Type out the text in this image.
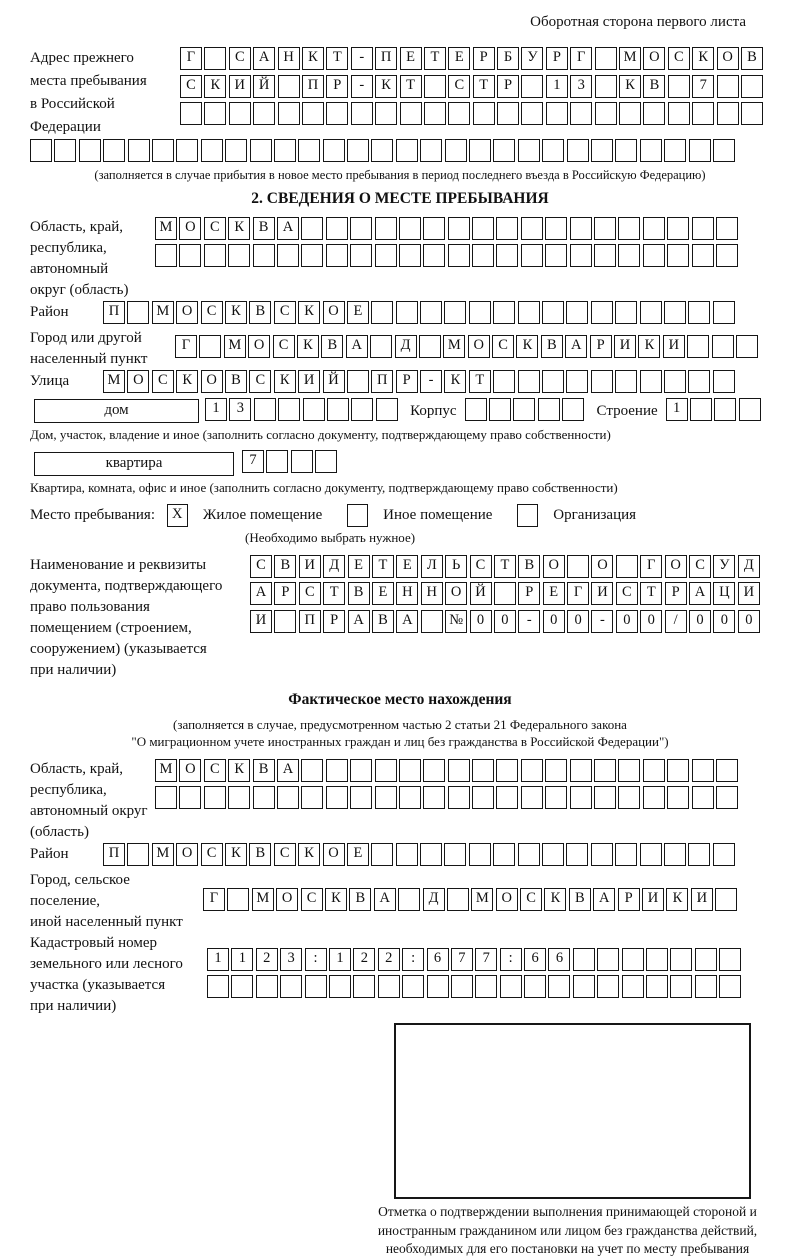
Оборотная сторона первого листа
Адрес прежнего
места пребывания
в Российской
Федерации
Г	С А Н К Т - П Е Т Е Р Б У Р Г	М О С К О В
С К И Й	П Р - К Т	С Т Р	1 3	К В	7
(заполняется в случае прибытия в новое место пребывания в период последнего въезда в Российскую Федерацию)
2. СВЕДЕНИЯ О МЕСТЕ ПРЕБЫВАНИЯ
Область, край,
республика,
автономный
округ (область)
М О С К В А
Район	П	М О С К В С К О Е
Город или другой
населенный пункт
Г	М О С К В А	Д	М О С К В А Р И К И
Улица	М О С К О В С К И Й	П Р - К Т
дом	1 3	Корпус	Строение	1
Дом, участок, владение и иное (заполнить согласно документу, подтверждающему право собственности)
квартира	7
Квартира, комната, офис и иное (заполнить согласно документу, подтверждающему право собственности)
Место пребывания: X Жилое помещение	Иное помещение	Организация
(Необходимо выбрать нужное)
Наименование и реквизиты
документа, подтверждающего
право пользования
помещением (строением,
сооружением) (указывается
при наличии)
С В И Д Е Т Е Л Ь С Т В О	О	Г О С У Д
А Р С Т В Е Н Н О Й	Р Е Г И С Т Р А Ц И
И	П Р А В А	№ 0 0 - 0 0 - 0 0 / 0 0 0
Фактическое место нахождения
(заполняется в случае, предусмотренном частью 2 статьи 21 Федерального закона
"О миграционном учете иностранных граждан и лиц без гражданства в Российской Федерации")
Область, край,
республика,
автономный округ
(область)
М О С К В А
Район	П	М О С К В С К О Е
Город, сельское поселение,
иной населенный пункт
Г	М О С К В А	Д	М О С К В А Р И К И
Кадастровый номер
земельного или лесного
участка (указывается
при наличии)
1 1 2 3 : 1 2 2 : 6 7 7 : 6 6
Отметка о подтверждении выполнения принимающей стороной и иностранным гражданином или лицом без гражданства действий, необходимых для его постановки на учет по месту пребывания
